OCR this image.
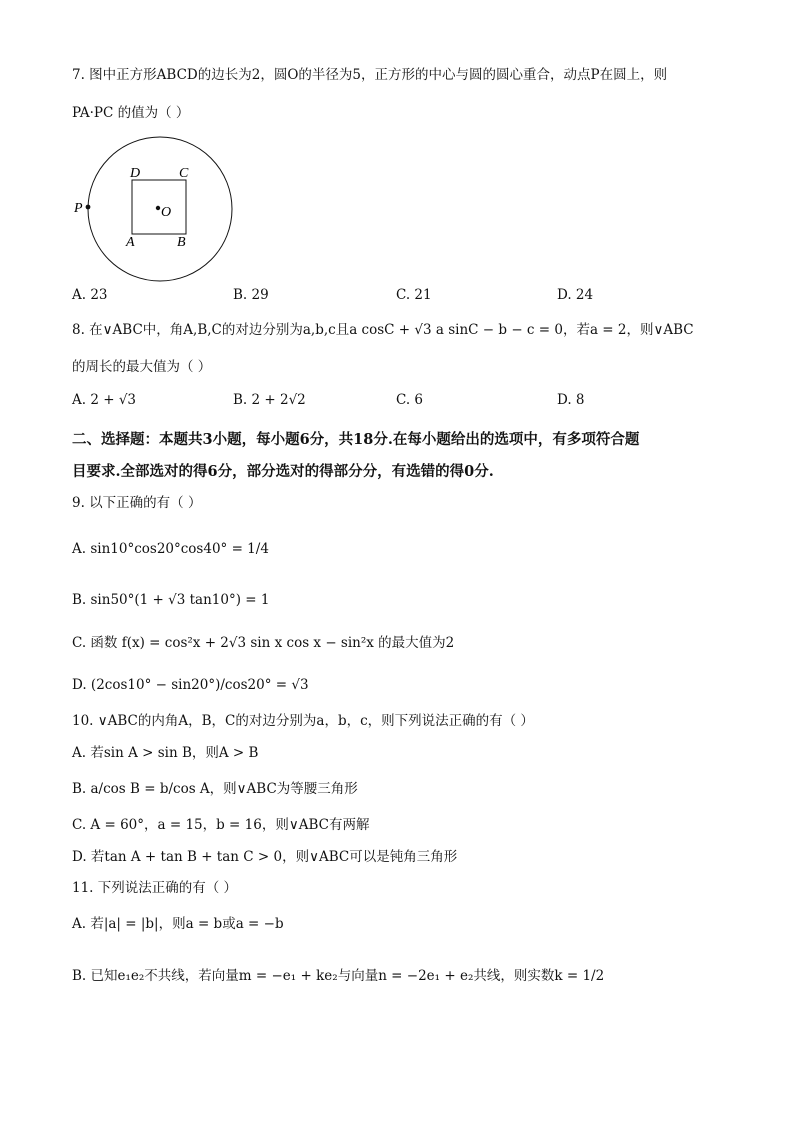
7. 图中正方形ABCD的边长为2，圆O的半径为5，正方形的中心与圆的圆心重合，动点P在圆上，则
PA·PC 的值为（ ）
D	C
P	O
A	B
A. 23	B. 29	C. 21	D. 24
8. 在∨ABC中，角A,B,C的对边分别为a,b,c且a cosC + √3 a sinC − b − c = 0，若a = 2，则∨ABC
的周长的最大值为（ ）
A. 2 + √3	B. 2 + 2√2	C. 6	D. 8
二、选择题：本题共3小题，每小题6分，共18分.在每小题给出的选项中，有多项符合题
目要求.全部选对的得6分，部分选对的得部分分，有选错的得0分.
9. 以下正确的有（ ）
A. sin10°cos20°cos40° = 1/4
B. sin50°(1 + √3 tan10°) = 1
C. 函数 f(x) = cos²x + 2√3 sin x cos x − sin²x 的最大值为2
D. (2cos10° − sin20°)/cos20° = √3
10. ∨ABC的内角A，B，C的对边分别为a，b，c，则下列说法正确的有（ ）
A. 若sin A > sin B，则A > B
B. a/cos B = b/cos A，则∨ABC为等腰三角形
C. A = 60°，a = 15，b = 16，则∨ABC有两解
D. 若tan A + tan B + tan C > 0，则∨ABC可以是钝角三角形
11. 下列说法正确的有（ ）
A. 若|a| = |b|，则a = b或a = −b
B. 已知e₁e₂不共线，若向量m = −e₁ + ke₂与向量n = −2e₁ + e₂共线，则实数k = 1/2
